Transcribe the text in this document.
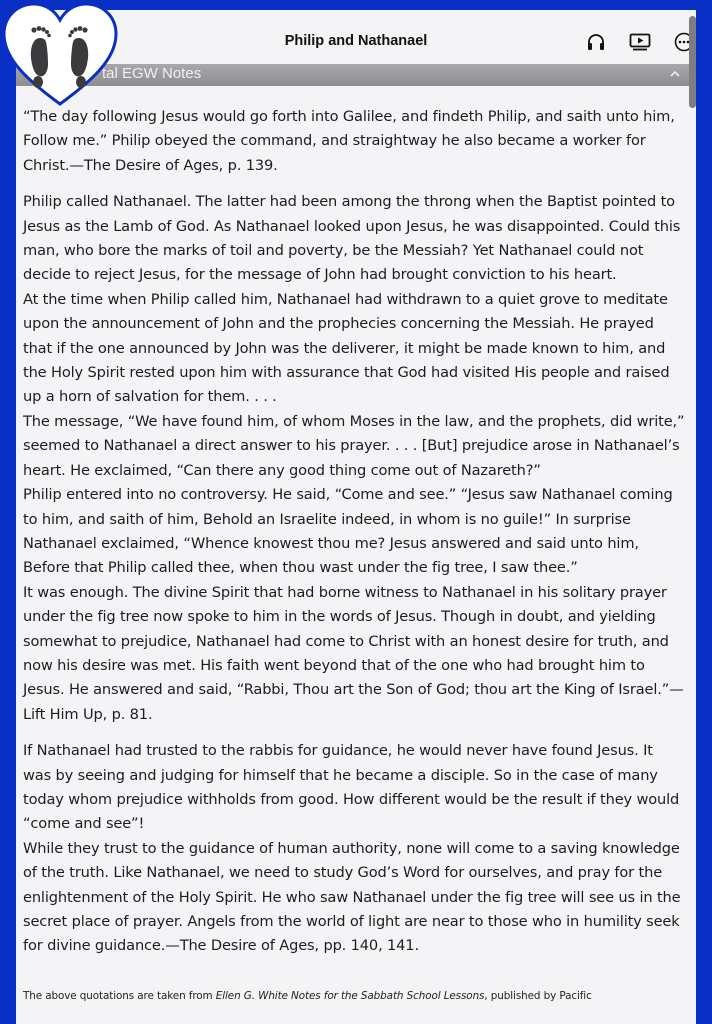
Philip and Nathanael
tal EGW Notes

“The day following Jesus would go forth into Galilee, and findeth Philip, and saith unto him, Follow me.” Philip obeyed the command, and straightway he also became a worker for Christ.—The Desire of Ages, p. 139.

Philip called Nathanael. The latter had been among the throng when the Baptist pointed to Jesus as the Lamb of God. As Nathanael looked upon Jesus, he was disappointed. Could this man, who bore the marks of toil and poverty, be the Messiah? Yet Nathanael could not decide to reject Jesus, for the message of John had brought conviction to his heart.
At the time when Philip called him, Nathanael had withdrawn to a quiet grove to meditate upon the announcement of John and the prophecies concerning the Messiah. He prayed that if the one announced by John was the deliverer, it might be made known to him, and the Holy Spirit rested upon him with assurance that God had visited His people and raised up a horn of salvation for them. . . .
The message, “We have found him, of whom Moses in the law, and the prophets, did write,” seemed to Nathanael a direct answer to his prayer. . . . [But] prejudice arose in Nathanael’s heart. He exclaimed, “Can there any good thing come out of Nazareth?”
Philip entered into no controversy. He said, “Come and see.” “Jesus saw Nathanael coming to him, and saith of him, Behold an Israelite indeed, in whom is no guile!” In surprise Nathanael exclaimed, “Whence knowest thou me? Jesus answered and said unto him, Before that Philip called thee, when thou wast under the fig tree, I saw thee.”
It was enough. The divine Spirit that had borne witness to Nathanael in his solitary prayer under the fig tree now spoke to him in the words of Jesus. Though in doubt, and yielding somewhat to prejudice, Nathanael had come to Christ with an honest desire for truth, and now his desire was met. His faith went beyond that of the one who had brought him to Jesus. He answered and said, “Rabbi, Thou art the Son of God; thou art the King of Israel.”—Lift Him Up, p. 81.

If Nathanael had trusted to the rabbis for guidance, he would never have found Jesus. It was by seeing and judging for himself that he became a disciple. So in the case of many today whom prejudice withholds from good. How different would be the result if they would “come and see”!
While they trust to the guidance of human authority, none will come to a saving knowledge of the truth. Like Nathanael, we need to study God’s Word for ourselves, and pray for the enlightenment of the Holy Spirit. He who saw Nathanael under the fig tree will see us in the secret place of prayer. Angels from the world of light are near to those who in humility seek for divine guidance.—The Desire of Ages, pp. 140, 141.

The above quotations are taken from Ellen G. White Notes for the Sabbath School Lessons, published by Pacific
